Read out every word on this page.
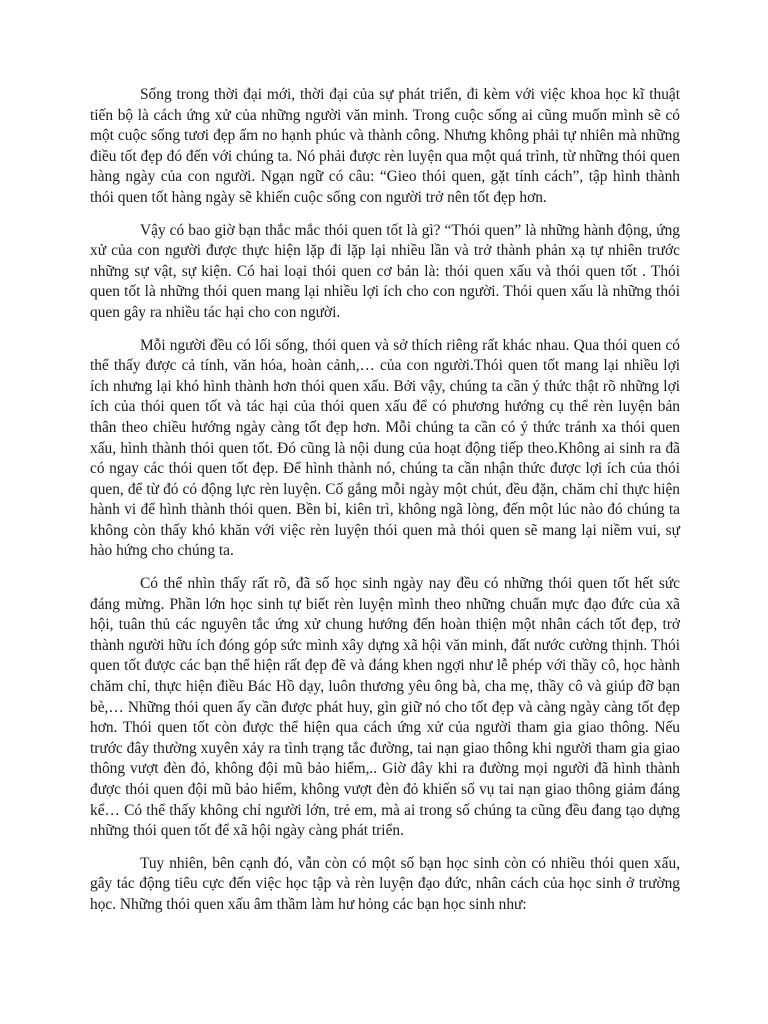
Sống trong thời đại mới, thời đại của sự phát triển, đi kèm với việc khoa học kĩ thuật tiến bộ là cách ứng xử của những người văn minh. Trong cuộc sống ai cũng muốn mình sẽ có một cuộc sống tươi đẹp ấm no hạnh phúc và thành công. Nhưng không phải tự nhiên mà những điều tốt đẹp đó đến với chúng ta. Nó phải được rèn luyện qua một quá trình, từ những thói quen hàng ngày của con người. Ngạn ngữ có câu: “Gieo thói quen, gặt tính cách”, tập hình thành thói quen tốt hàng ngày sẽ khiến cuộc sống con người trở nên tốt đẹp hơn.

Vậy có bao giờ bạn thắc mắc thói quen tốt là gì? “Thói quen” là những hành động, ứng xử của con người được thực hiện lặp đi lặp lại nhiều lần và trở thành phản xạ tự nhiên trước những sự vật, sự kiện. Có hai loại thói quen cơ bản là: thói quen xấu và thói quen tốt . Thói quen tốt là những thói quen mang lại nhiều lợi ích cho con người. Thói quen xấu là những thói quen gây ra nhiều tác hại cho con người.

Mỗi người đều có lối sống, thói quen và sở thích riêng rất khác nhau. Qua thói quen có thể thấy được cả tính, văn hóa, hoàn cảnh,… của con người.Thói quen tốt mang lại nhiều lợi ích nhưng lại khó hình thành hơn thói quen xấu. Bởi vậy, chúng ta cần ý thức thật rõ những lợi ích của thói quen tốt và tác hại của thói quen xấu để có phương hướng cụ thể rèn luyện bản thân theo chiều hướng ngày càng tốt đẹp hơn. Mỗi chúng ta cần có ý thức tránh xa thói quen xấu, hình thành thói quen tốt. Đó cũng là nội dung của hoạt động tiếp theo.Không ai sinh ra đã có ngay các thói quen tốt đẹp. Để hình thành nó, chúng ta cần nhận thức được lợi ích của thói quen, để từ đó có động lực rèn luyện. Cố gắng mỗi ngày một chút, đều đặn, chăm chỉ thực hiện hành vi để hình thành thói quen. Bền bỉ, kiên trì, không ngã lòng, đến một lúc nào đó chúng ta không còn thấy khó khăn với việc rèn luyện thói quen mà thói quen sẽ mang lại niềm vui, sự hào hứng cho chúng ta.

Có thể nhìn thấy rất rõ, đã số học sinh ngày nay đều có những thói quen tốt hết sức đáng mừng. Phần lớn học sinh tự biết rèn luyện mình theo những chuẩn mực đạo đức của xã hội, tuân thủ các nguyên tắc ứng xử chung hướng đến hoàn thiện một nhân cách tốt đẹp, trở thành người hữu ích đóng góp sức mình xây dựng xã hội văn minh, đất nước cường thịnh. Thói quen tốt được các bạn thể hiện rất đẹp đẽ và đáng khen ngợi như lễ phép với thầy cô, học hành chăm chỉ, thực hiện điều Bác Hồ dạy, luôn thương yêu ông bà, cha mẹ, thầy cô và giúp đỡ bạn bè,… Những thói quen ấy cần được phát huy, gìn giữ nó cho tốt đẹp và càng ngày càng tốt đẹp hơn. Thói quen tốt còn được thể hiện qua cách ứng xử của người tham gia giao thông. Nếu trước đây thường xuyên xảy ra tình trạng tắc đường, tai nạn giao thông khi người tham gia giao thông vượt đèn đỏ, không đội mũ bảo hiểm,.. Giờ đây khi ra đường mọi người đã hình thành được thói quen đội mũ bảo hiểm, không vượt đèn đỏ khiến số vụ tai nạn giao thông giảm đáng kể… Có thể thấy không chỉ người lớn, trẻ em, mà ai trong số chúng ta cũng đều đang tạo dựng những thói quen tốt để xã hội ngày càng phát triển.

Tuy nhiên, bên cạnh đó, vẫn còn có một số bạn học sinh còn có nhiều thói quen xấu, gây tác động tiêu cực đến việc học tập và rèn luyện đạo đức, nhân cách của học sinh ở trường học. Những thói quen xấu âm thầm làm hư hỏng các bạn học sinh như:
